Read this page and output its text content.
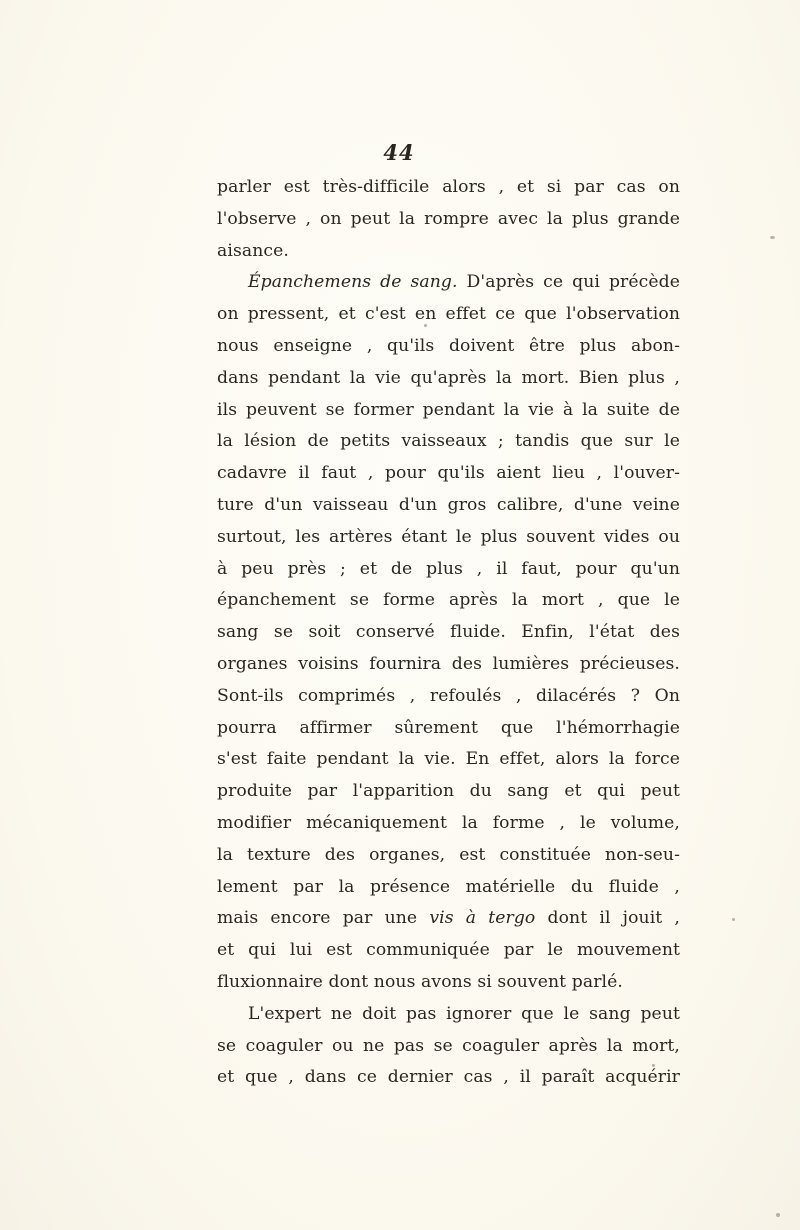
44
parler est très-difficile alors , et si par cas on
l'observe , on peut la rompre avec la plus grande
aisance.
Épanchemens de sang. D'après ce qui précède
on pressent, et c'est en effet ce que l'observation
nous enseigne , qu'ils doivent être plus abon-
dans pendant la vie qu'après la mort. Bien plus ,
ils peuvent se former pendant la vie à la suite de
la lésion de petits vaisseaux ; tandis que sur le
cadavre il faut , pour qu'ils aient lieu , l'ouver-
ture d'un vaisseau d'un gros calibre, d'une veine
surtout, les artères étant le plus souvent vides ou
à peu près ; et de plus , il faut, pour qu'un
épanchement se forme après la mort , que le
sang se soit conservé fluide. Enfin, l'état des
organes voisins fournira des lumières précieuses.
Sont-ils comprimés , refoulés , dilacérés ? On
pourra affirmer sûrement que l'hémorrhagie
s'est faite pendant la vie. En effet, alors la force
produite par l'apparition du sang et qui peut
modifier mécaniquement la forme , le volume,
la texture des organes, est constituée non-seu-
lement par la présence matérielle du fluide ,
mais encore par une vis à tergo dont il jouit ,
et qui lui est communiquée par le mouvement
fluxionnaire dont nous avons si souvent parlé.
L'expert ne doit pas ignorer que le sang peut
se coaguler ou ne pas se coaguler après la mort,
et que , dans ce dernier cas , il paraît acquérir
